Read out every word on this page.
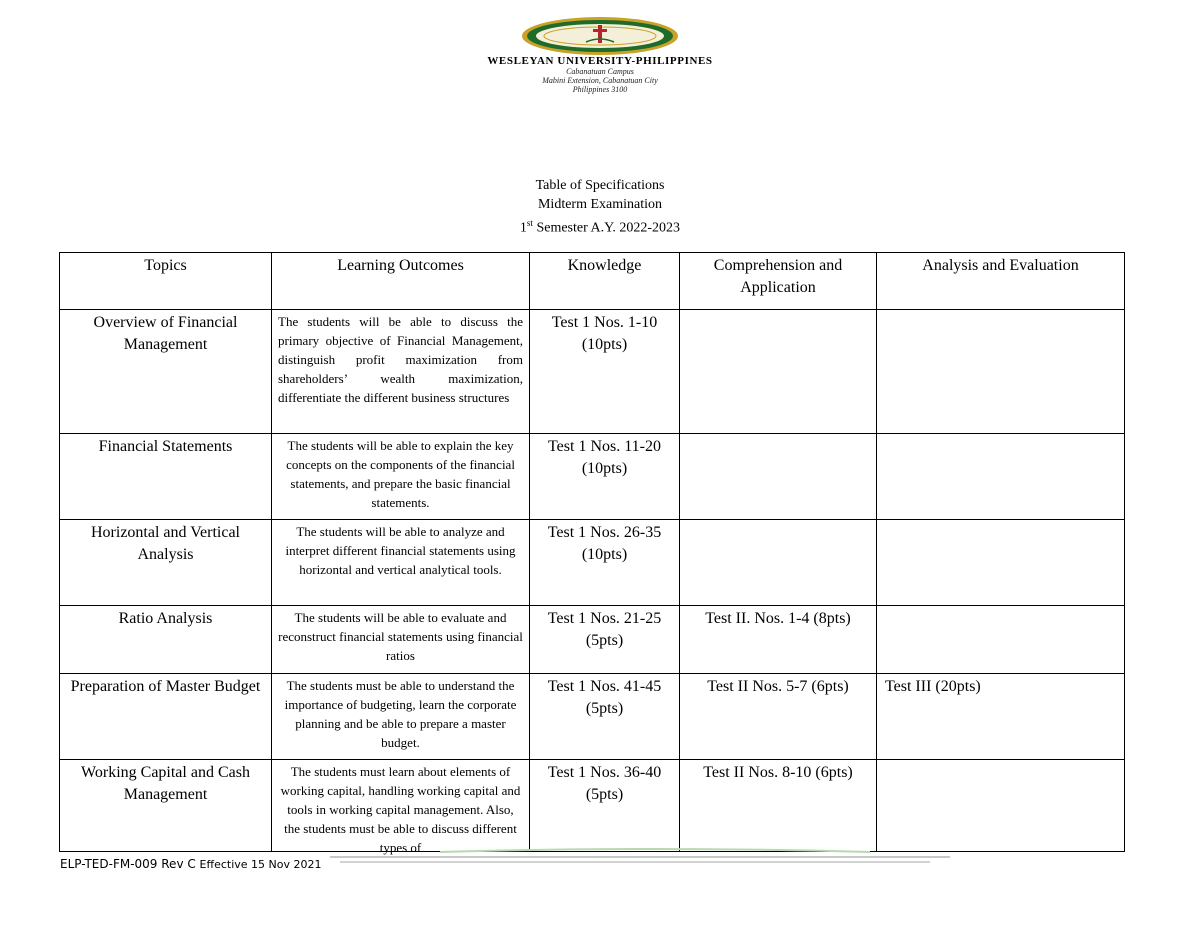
WESLEYAN UNIVERSITY-PHILIPPINES
Cabanatuan Campus
Mabini Extension, Cabanatuan City
Philippines 3100
Table of Specifications
Midterm Examination
1st Semester A.Y. 2022-2023
Topics	Learning Outcomes	Knowledge	Comprehension and Application	Analysis and Evaluation
Overview of Financial Management	The students will be able to discuss the primary objective of Financial Management, distinguish profit maximization from shareholders’ wealth maximization, differentiate the different business structures	Test 1 Nos. 1-10 (10pts)		
Financial Statements	The students will be able to explain the key concepts on the components of the financial statements, and prepare the basic financial statements.	Test 1 Nos. 11-20 (10pts)		
Horizontal and Vertical Analysis	The students will be able to analyze and interpret different financial statements using horizontal and vertical analytical tools.	Test 1 Nos. 26-35 (10pts)		
Ratio Analysis	The students will be able to evaluate and reconstruct financial statements using financial ratios	Test 1 Nos. 21-25 (5pts)	Test II. Nos. 1-4 (8pts)	
Preparation of Master Budget	The students must be able to understand the importance of budgeting, learn the corporate planning and be able to prepare a master budget.	Test 1 Nos. 41-45 (5pts)	Test II Nos. 5-7 (6pts)	Test III (20pts)
Working Capital and Cash Management	The students must learn about elements of working capital, handling working capital and tools in working capital management. Also, the students must be able to discuss different types of	Test 1 Nos. 36-40 (5pts)	Test II Nos. 8-10 (6pts)	
ELP-TED-FM-009 Rev C Effective 15 Nov 2021
